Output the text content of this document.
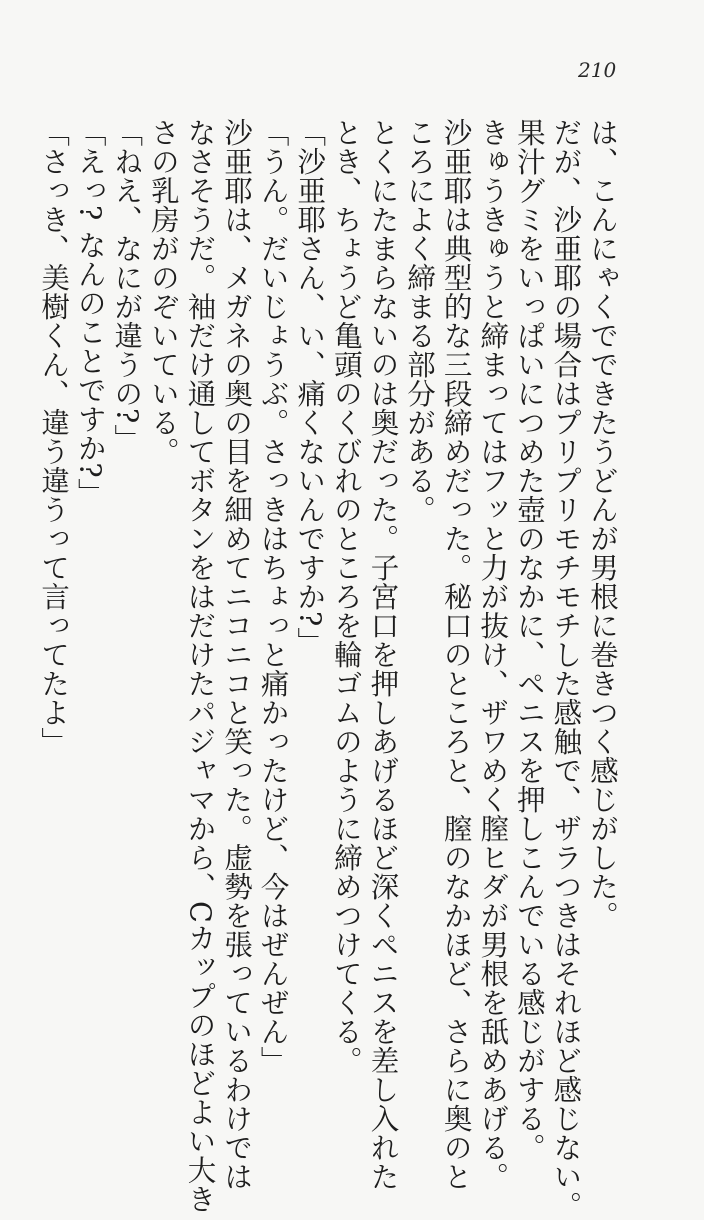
210
は、こんにゃくでできたうどんが男根に巻きつく感じがした。
だが、沙亜耶の場合はプリプリモチモチした感触で、ザラつきはそれほど感じない。
果汁グミをいっぱいにつめた壺のなかに、ペニスを押しこんでいる感じがする。
きゅうきゅうと締まってはフッと力が抜け、ザワめく膣ヒダが男根を舐めあげる。
沙亜耶は典型的な三段締めだった。秘口のところと、膣のなかほど、さらに奥のと
ころによく締まる部分がある。
とくにたまらないのは奥だった。子宮口を押しあげるほど深くペニスを差し入れた
とき、ちょうど亀頭のくびれのところを輪ゴムのように締めつけてくる。
「沙亜耶さん、い、痛くないんですか?」
「うん。だいじょうぶ。さっきはちょっと痛かったけど、今はぜんぜん」
沙亜耶は、メガネの奥の目を細めてニコニコと笑った。虚勢を張っているわけでは
なさそうだ。袖だけ通してボタンをはだけたパジャマから、Cカップのほどよい大き
さの乳房がのぞいている。
「ねえ、なにが違うの?」
「えっ? なんのことですか?」
「さっき、美樹くん、違う違うって言ってたよ」
